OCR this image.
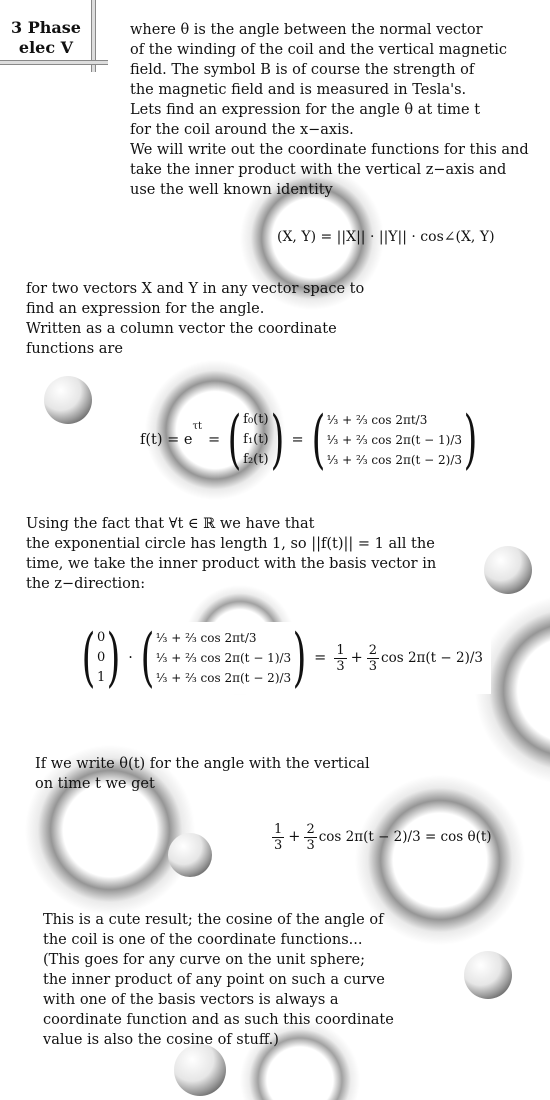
3 Phase
elec V
where θ is the angle between the normal vector
of the winding of the coil and the vertical magnetic
field. The symbol B is of course the strength of
the magnetic field and is measured in Tesla's.
Lets find an expression for the angle θ at time t
for the coil around the x−axis.
We will write out the coordinate functions for this and
take the inner product with the vertical z−axis and
use the well known identity
(X, Y) = ||X|| · ||Y|| · cos∠(X, Y)
for two vectors X and Y in any vector space to
find an expression for the angle.
Written as a column vector the coordinate
functions are
f(t) = e
τt
= ( f₀(t)
f₁(t)
f₂(t) ) = ( ⅓ + ⅔ cos 2πt/3
⅓ + ⅔ cos 2π(t − 1)/3
⅓ + ⅔ cos 2π(t − 2)/3 )
Using the fact that ∀t ∈ ℝ we have that
the exponential circle has length 1, so ||f(t)|| = 1 all the
time, we take the inner product with the basis vector in
the z−direction:
( 0
0
1 ) · ( ⅓ + ⅔ cos 2πt/3
⅓ + ⅔ cos 2π(t − 1)/3
⅓ + ⅔ cos 2π(t − 2)/3 ) = $\frac{1}{3} + \frac{2}{3}$ cos 2π(t − 2)/3
If we write θ(t) for the angle with the vertical
on time t we get
$\frac{1}{3} + \frac{2}{3}$ cos 2π(t − 2)/3 = cos θ(t)
This is a cute result; the cosine of the angle of
the coil is one of the coordinate functions...
(This goes for any curve on the unit sphere;
the inner product of any point on such a curve
with one of the basis vectors is always a
coordinate function and as such this coordinate
value is also the cosine of stuff.)
